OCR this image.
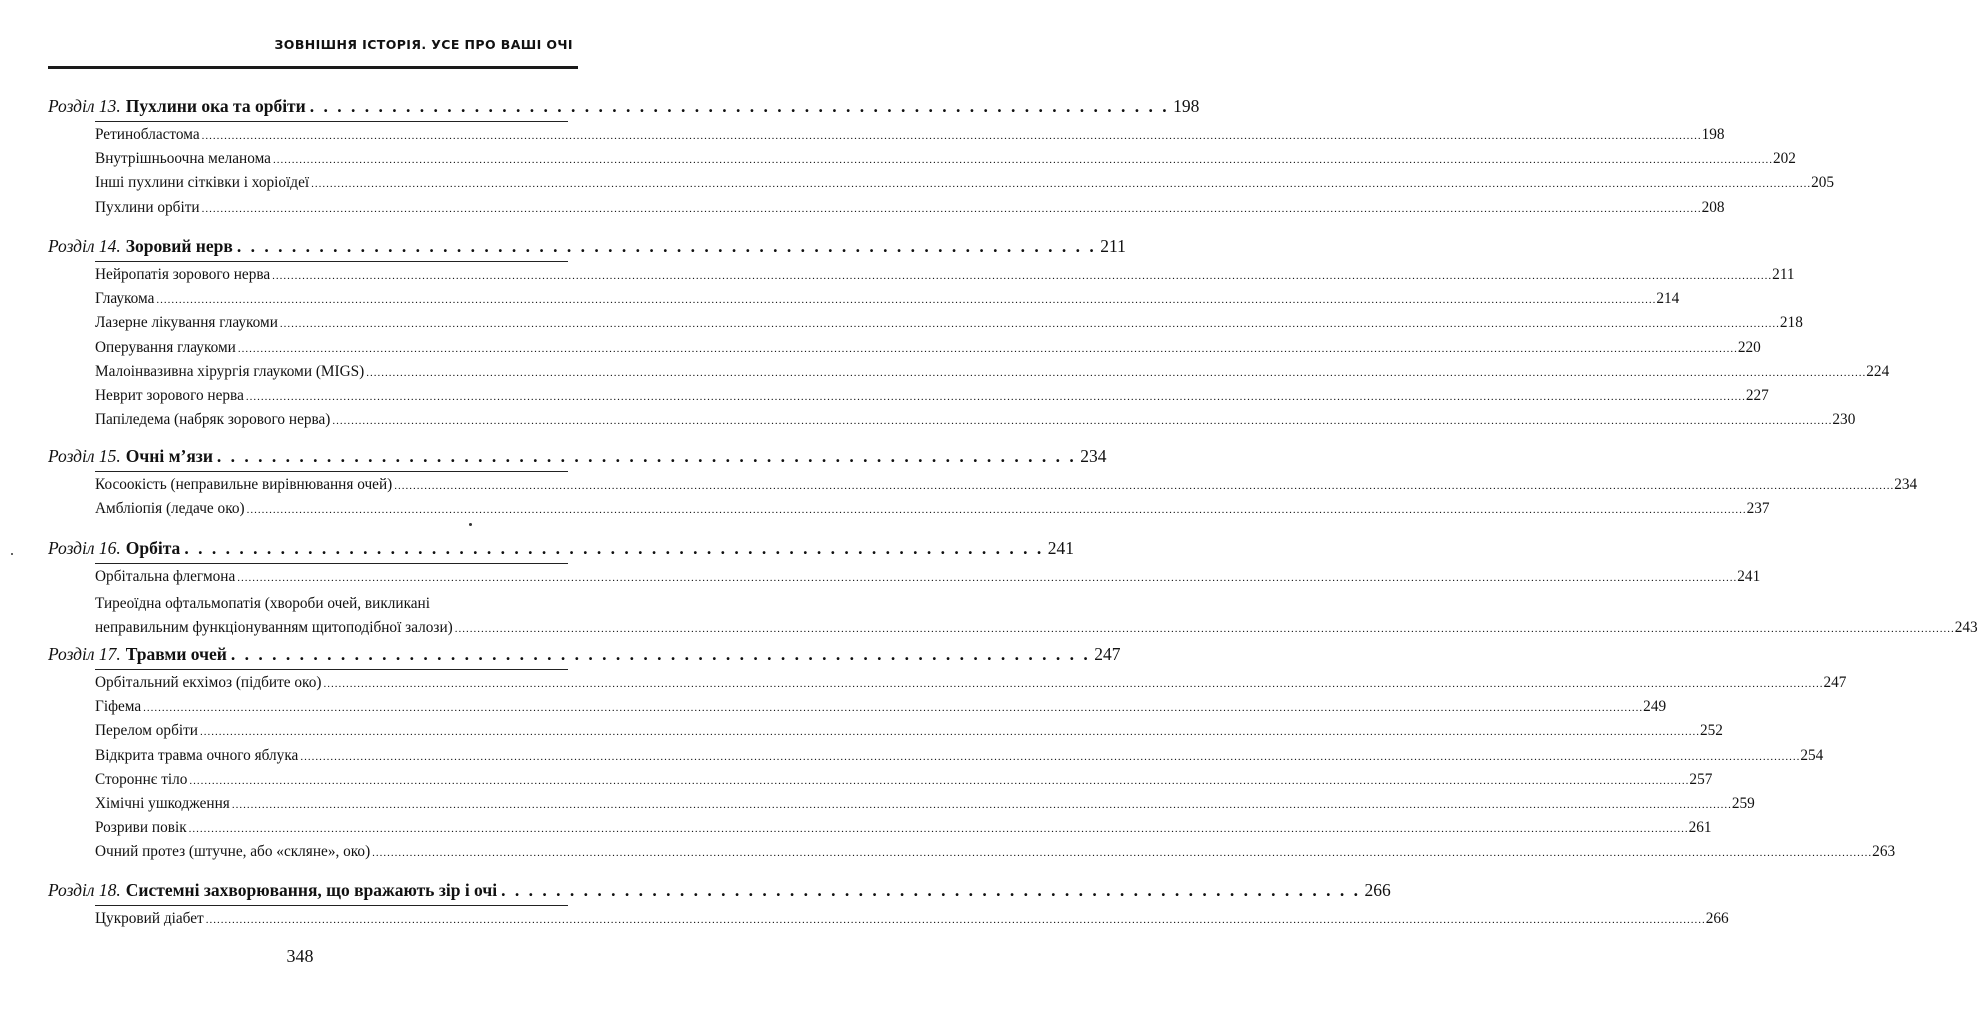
ЗОВНІШНЯ ІСТОРІЯ. УСЕ ПРО ВАШІ ОЧІ
Розділ 13. Пухлини ока та орбіти . . . . . . . . . . . . . . . . . . . . . . . . . . . . . . . . . . . . . . . . . . . . . . . . . . . . . . . . . . . . . . . 198
Ретинобластома ................................................................................................................................................................................................................................................................................................................................................................................................................ 198
Внутрішньоочна меланома ................................................................................................................................................................................................................................................................................................................................................................................................................ 202
Інші пухлини сітківки і хоріоїдеї ................................................................................................................................................................................................................................................................................................................................................................................................................ 205
Пухлини орбіти ................................................................................................................................................................................................................................................................................................................................................................................................................ 208
Розділ 14. Зоровий нерв . . . . . . . . . . . . . . . . . . . . . . . . . . . . . . . . . . . . . . . . . . . . . . . . . . . . . . . . . . . . . . . 211
Нейропатія зорового нерва ................................................................................................................................................................................................................................................................................................................................................................................................................ 211
Глаукома ................................................................................................................................................................................................................................................................................................................................................................................................................ 214
Лазерне лікування глаукоми ................................................................................................................................................................................................................................................................................................................................................................................................................ 218
Оперування глаукоми ................................................................................................................................................................................................................................................................................................................................................................................................................ 220
Малоінвазивна хірургія глаукоми (MIGS) ................................................................................................................................................................................................................................................................................................................................................................................................................ 224
Неврит зорового нерва ................................................................................................................................................................................................................................................................................................................................................................................................................ 227
Папіледема (набряк зорового нерва) ................................................................................................................................................................................................................................................................................................................................................................................................................ 230
Розділ 15. Очні м’язи . . . . . . . . . . . . . . . . . . . . . . . . . . . . . . . . . . . . . . . . . . . . . . . . . . . . . . . . . . . . . . . 234
Косоокість (неправильне вирівнювання очей) ................................................................................................................................................................................................................................................................................................................................................................................................................ 234
Амбліопія (ледаче око) ................................................................................................................................................................................................................................................................................................................................................................................................................ 237
Розділ 16. Орбіта . . . . . . . . . . . . . . . . . . . . . . . . . . . . . . . . . . . . . . . . . . . . . . . . . . . . . . . . . . . . . . . 241
Орбітальна флегмона ................................................................................................................................................................................................................................................................................................................................................................................................................ 241
Тиреоїдна офтальмопатія (хвороби очей, викликані
неправильним функціонуванням щитоподібної залози) ................................................................................................................................................................................................................................................................................................................................................................................................................ 243
Розділ 17. Травми очей . . . . . . . . . . . . . . . . . . . . . . . . . . . . . . . . . . . . . . . . . . . . . . . . . . . . . . . . . . . . . . . 247
Орбітальний екхімоз (підбите око) ................................................................................................................................................................................................................................................................................................................................................................................................................ 247
Гіфема ................................................................................................................................................................................................................................................................................................................................................................................................................ 249
Перелом орбіти ................................................................................................................................................................................................................................................................................................................................................................................................................ 252
Відкрита травма очного яблука ................................................................................................................................................................................................................................................................................................................................................................................................................ 254
Стороннє тіло ................................................................................................................................................................................................................................................................................................................................................................................................................ 257
Хімічні ушкодження ................................................................................................................................................................................................................................................................................................................................................................................................................ 259
Розриви повік ................................................................................................................................................................................................................................................................................................................................................................................................................ 261
Очний протез (штучне, або «скляне», око) ................................................................................................................................................................................................................................................................................................................................................................................................................ 263
Розділ 18. Системні захворювання, що вражають зір і очі . . . . . . . . . . . . . . . . . . . . . . . . . . . . . . . . . . . . . . . . . . . . . . . . . . . . . . . . . . . . . . . 266
Цукровий діабет ................................................................................................................................................................................................................................................................................................................................................................................................................ 266
348
